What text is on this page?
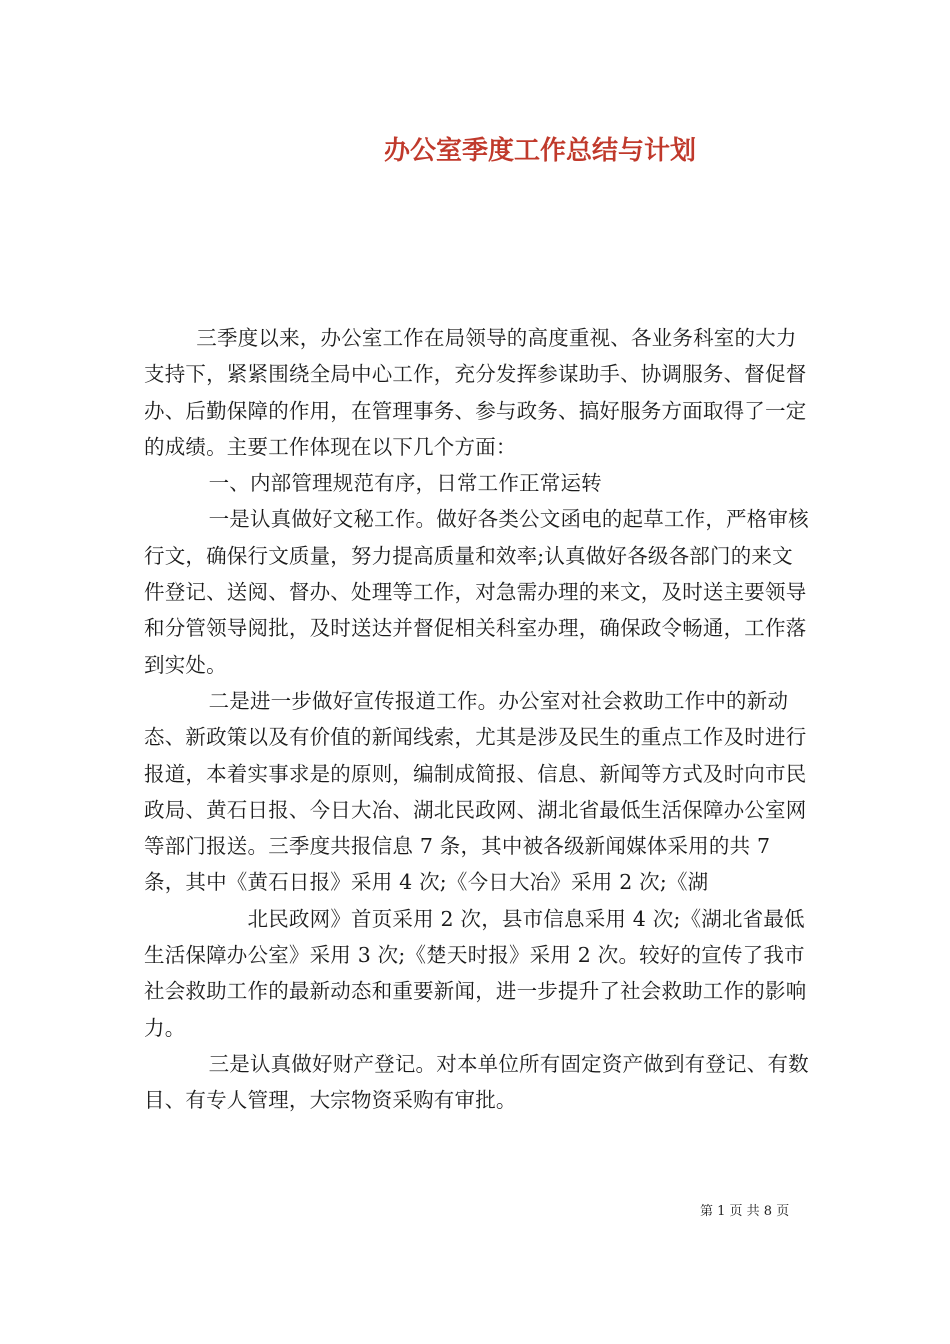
办公室季度工作总结与计划

三季度以来，办公室工作在局领导的高度重视、各业务科室的大力支持下，紧紧围绕全局中心工作，充分发挥参谋助手、协调服务、督促督办、后勤保障的作用，在管理事务、参与政务、搞好服务方面取得了一定的成绩。主要工作体现在以下几个方面：

一、内部管理规范有序，日常工作正常运转

一是认真做好文秘工作。做好各类公文函电的起草工作，严格审核行文，确保行文质量，努力提高质量和效率;认真做好各级各部门的来文件登记、送阅、督办、处理等工作，对急需办理的来文，及时送主要领导和分管领导阅批，及时送达并督促相关科室办理，确保政令畅通，工作落到实处。

二是进一步做好宣传报道工作。办公室对社会救助工作中的新动态、新政策以及有价值的新闻线索，尤其是涉及民生的重点工作及时进行报道，本着实事求是的原则，编制成简报、信息、新闻等方式及时向市民政局、黄石日报、今日大冶、湖北民政网、湖北省最低生活保障办公室网等部门报送。三季度共报信息 7 条，其中被各级新闻媒体采用的共 7 条，其中《黄石日报》采用 4 次;《今日大冶》采用 2 次;《湖

北民政网》首页采用 2 次，县市信息采用 4 次;《湖北省最低生活保障办公室》采用 3 次;《楚天时报》采用 2 次。较好的宣传了我市社会救助工作的最新动态和重要新闻，进一步提升了社会救助工作的影响力。

三是认真做好财产登记。对本单位所有固定资产做到有登记、有数目、有专人管理，大宗物资采购有审批。

第 1 页 共 8 页
